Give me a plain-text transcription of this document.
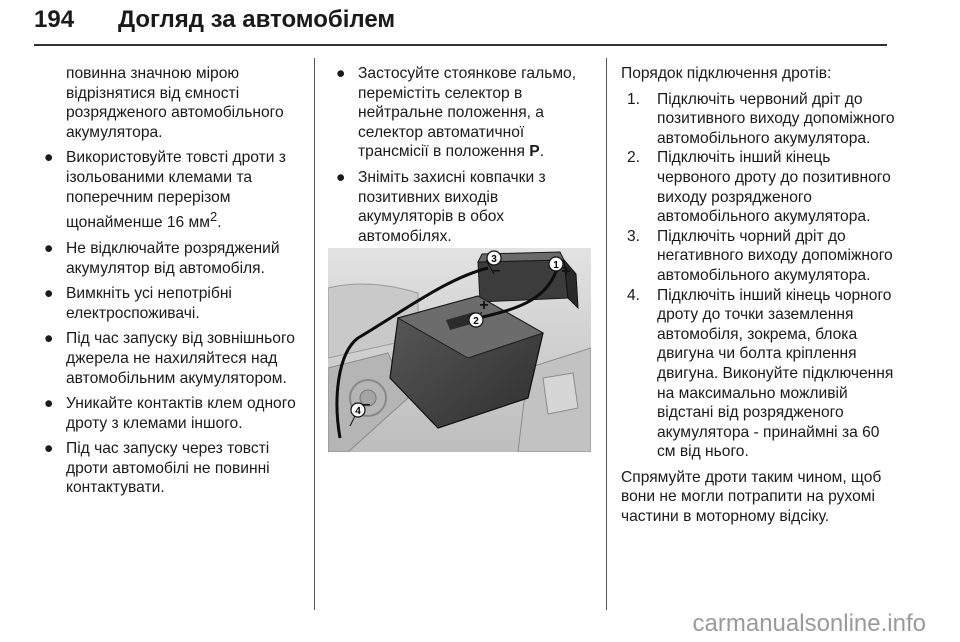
194 Догляд за автомобілем
повинна значною мірою відрізнятися від ємності розрядженого автомобільного акумулятора.
● Використовуйте товсті дроти з ізольованими клемами та поперечним перерізом щонайменше 16 $мм^2$.
● Не відключайте розряджений акумулятор від автомобіля.
● Вимкніть усі непотрібні електроспоживачі.
● Під час запуску від зовнішнього джерела не нахиляйтеся над автомобільним акумулятором.
● Уникайте контактів клем одного дроту з клемами іншого.
● Під час запуску через товсті дроти автомобілі не повинні контактувати.
● Застосуйте стоянкове гальмо, перемістіть селектор в нейтральне положення, а селектор автоматичної трансмісії в положення P.
● Зніміть захисні ковпачки з позитивних виходів акумуляторів в обох автомобілях.
1
2
3
4
+
+
–
–

Порядок підключення дротів:

1. Підключіть червоний дріт до позитивного виходу допоміжного автомобільного акумулятора.
2. Підключіть інший кінець червоного дроту до позитивного виходу розрядженого автомобільного акумулятора.
3. Підключіть чорний дріт до негативного виходу допоміжного автомобільного акумулятора.
4. Підключіть інший кінець чорного дроту до точки заземлення автомобіля, зокрема, блока двигуна чи болта кріплення двигуна. Виконуйте підключення на максимально можливій відстані від розрядженого акумулятора - принаймні за 60 см від нього.

Спрямуйте дроти таким чином, щоб вони не могли потрапити на рухомі частини в моторному відсіку.

carmanualsonline.info
